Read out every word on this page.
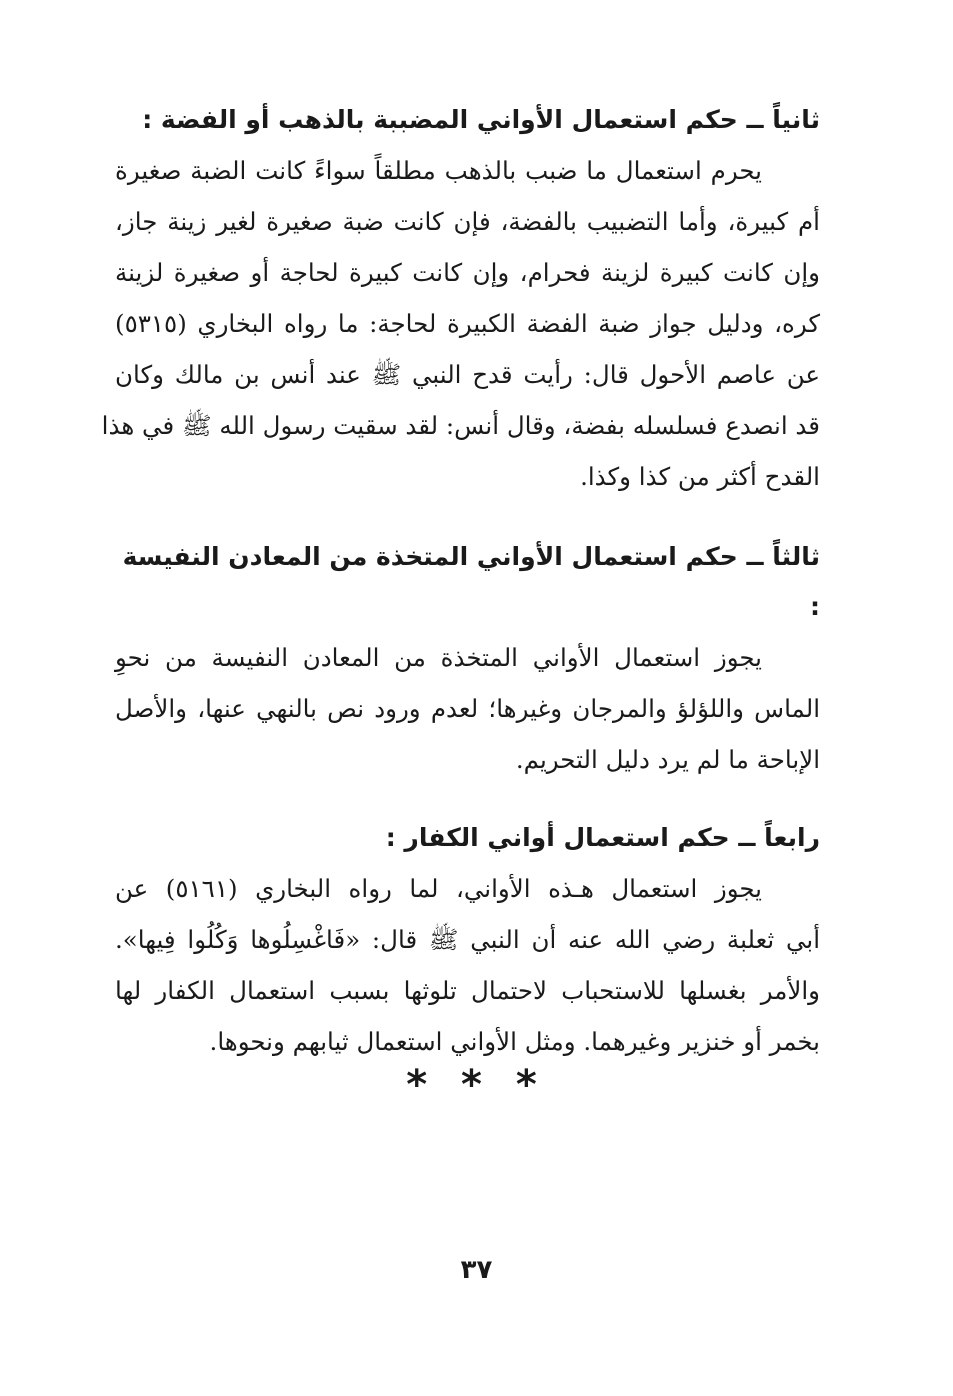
ثانياً ــ حكم استعمال الأواني المضببة بالذهب أو الفضة :
يحرم استعمال ما ضبب بالذهب مطلقاً سواءً كانت الضبة صغيرة
أم كبيرة، وأما التضبيب بالفضة، فإن كانت ضبة صغيرة لغير زينة جاز،
وإن كانت كبيرة لزينة فحرام، وإن كانت كبيرة لحاجة أو صغيرة لزينة
كره، ودليل جواز ضبة الفضة الكبيرة لحاجة: ما رواه البخاري (٥٣١٥)
عن عاصم الأحول قال: رأيت قدح النبي ﷺ عند أنس بن مالك وكان
قد انصدع فسلسله بفضة، وقال أنس: لقد سقيت رسول الله ﷺ في هذا
القدح أكثر من كذا وكذا.
ثالثاً ــ حكم استعمال الأواني المتخذة من المعادن النفيسة :
يجوز استعمال الأواني المتخذة من المعادن النفيسة من نحوِ
الماس واللؤلؤ والمرجان وغيرها؛ لعدم ورود نص بالنهي عنها، والأصل
الإباحة ما لم يرد دليل التحريم.
رابعاً ــ حكم استعمال أواني الكفار :
يجوز استعمال هـذه الأواني، لما رواه البخاري (٥١٦١) عن
أبي ثعلبة رضي الله عنه أن النبي ﷺ قال: «فَاغْسِلُوها وَكُلُوا فِيها».
والأمر بغسلها للاستحباب لاحتمال تلوثها بسبب استعمال الكفار لها
بخمر أو خنزير وغيرهما. ومثل الأواني استعمال ثيابهم ونحوها.
* * *
٣٧
